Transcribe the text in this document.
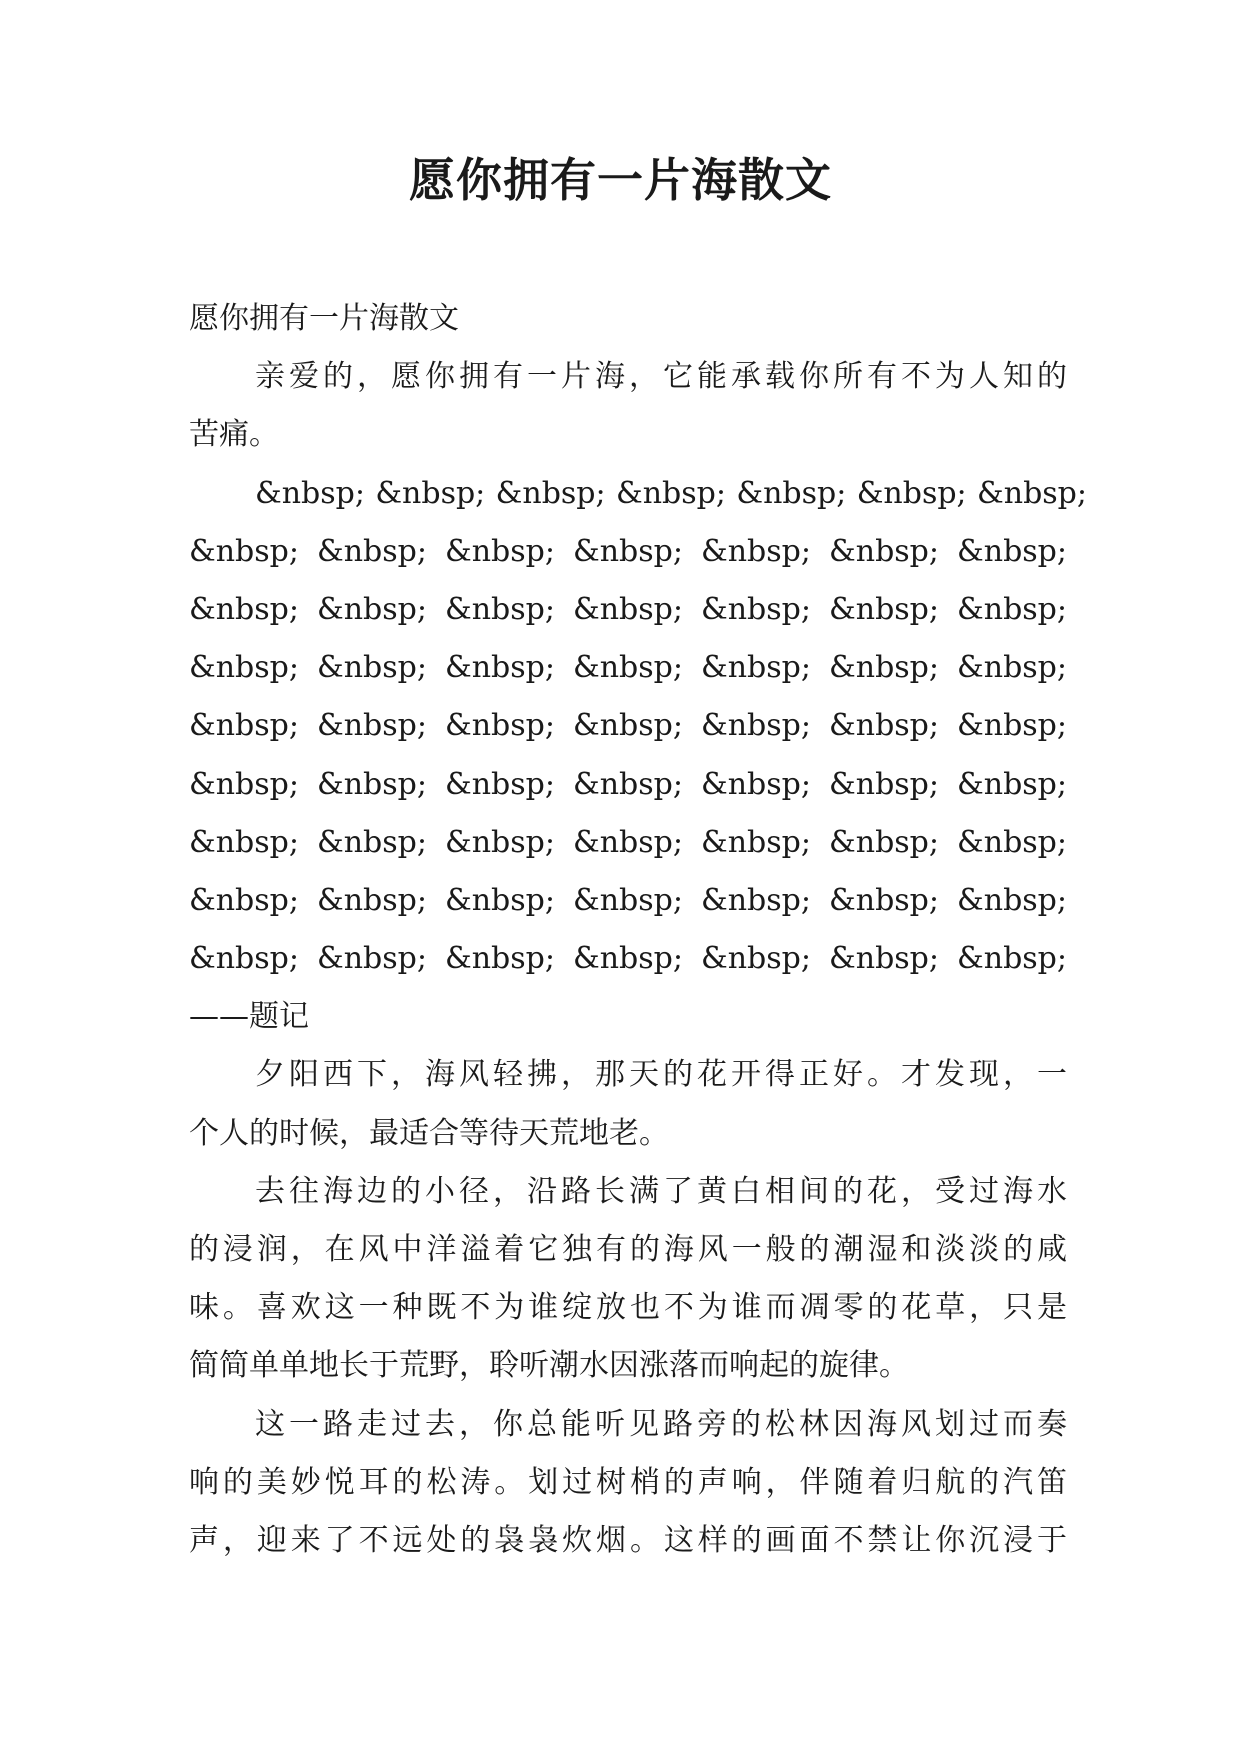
愿你拥有一片海散文
愿你拥有一片海散文
亲爱的，愿你拥有一片海，它能承载你所有不为人知的
苦痛。
&nbsp; &nbsp; &nbsp; &nbsp; &nbsp; &nbsp; &nbsp;
&nbsp; &nbsp; &nbsp; &nbsp; &nbsp; &nbsp; &nbsp;
&nbsp; &nbsp; &nbsp; &nbsp; &nbsp; &nbsp; &nbsp;
&nbsp; &nbsp; &nbsp; &nbsp; &nbsp; &nbsp; &nbsp;
&nbsp; &nbsp; &nbsp; &nbsp; &nbsp; &nbsp; &nbsp;
&nbsp; &nbsp; &nbsp; &nbsp; &nbsp; &nbsp; &nbsp;
&nbsp; &nbsp; &nbsp; &nbsp; &nbsp; &nbsp; &nbsp;
&nbsp; &nbsp; &nbsp; &nbsp; &nbsp; &nbsp; &nbsp;
&nbsp; &nbsp; &nbsp; &nbsp; &nbsp; &nbsp; &nbsp;
——题记
夕阳西下，海风轻拂，那天的花开得正好。才发现，一
个人的时候，最适合等待天荒地老。
去往海边的小径，沿路长满了黄白相间的花，受过海水
的浸润，在风中洋溢着它独有的海风一般的潮湿和淡淡的咸
味。喜欢这一种既不为谁绽放也不为谁而凋零的花草，只是
简简单单地长于荒野，聆听潮水因涨落而响起的旋律。
这一路走过去，你总能听见路旁的松林因海风划过而奏
响的美妙悦耳的松涛。划过树梢的声响，伴随着归航的汽笛
声，迎来了不远处的袅袅炊烟。这样的画面不禁让你沉浸于
